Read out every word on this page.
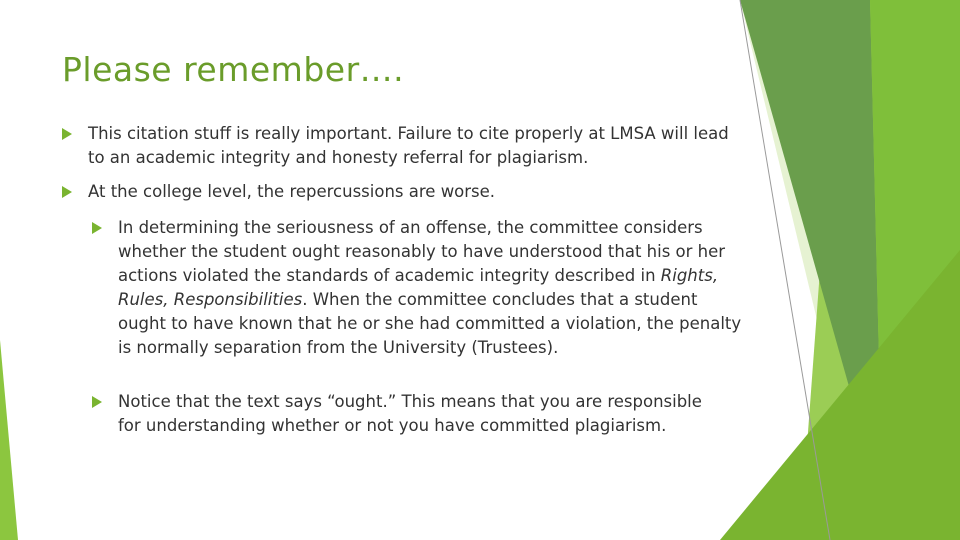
Please remember….
This citation stuff is really important. Failure to cite properly at LMSA will lead to an academic integrity and honesty referral for plagiarism.
At the college level, the repercussions are worse.
In determining the seriousness of an offense, the committee considers whether the student ought reasonably to have understood that his or her actions violated the standards of academic integrity described in Rights, Rules, Responsibilities. When the committee concludes that a student ought to have known that he or she had committed a violation, the penalty is normally separation from the University (Trustees).
Notice that the text says “ought.” This means that you are responsible for understanding whether or not you have committed plagiarism.
